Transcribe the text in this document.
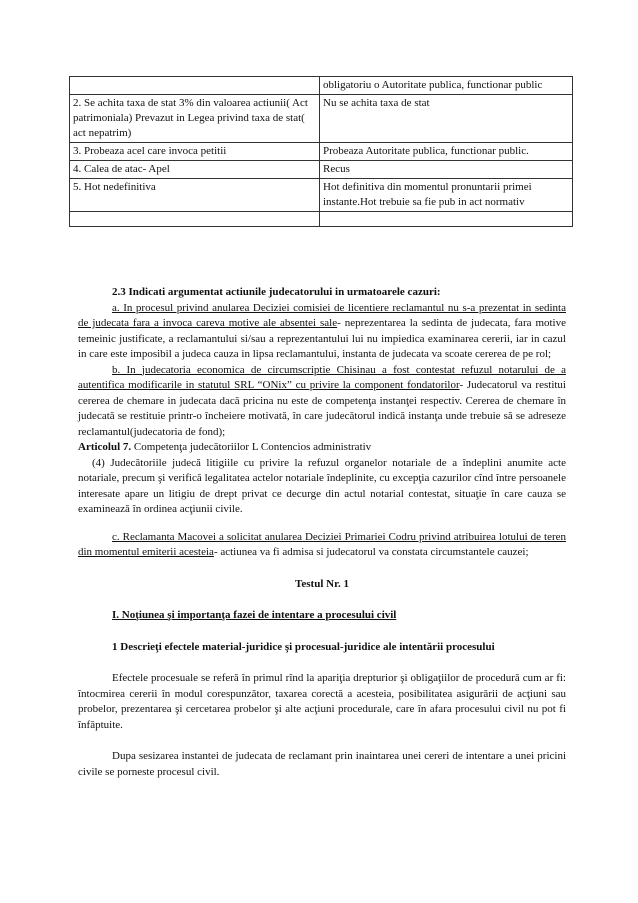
	obligatoriu o Autoritate publica, functionar public
2. Se achita taxa de stat 3% din valoarea actiunii( Act patrimoniala) Prevazut in Legea privind taxa de stat( act nepatrim)	Nu se achita taxa de stat
3. Probeaza acel care invoca petitii	Probeaza Autoritate publica, functionar public.
4. Calea de atac- Apel	Recus
5. Hot nedefinitiva	Hot definitiva din momentul pronuntarii primei instante.Hot trebuie sa fie pub in act normativ

2.3 Indicati argumentat actiunile judecatorului in urmatoarele cazuri:

a. In procesul privind anularea Deciziei comisiei de licentiere reclamantul nu s-a prezentat in sedinta de judecata fara a invoca careva motive ale absentei sale- neprezentarea la sedinta de judecata, fara motive temeinic justificate, a reclamantului si/sau a reprezentantului lui nu impiedica examinarea cererii, iar in cazul in care este imposibil a judeca cauza in lipsa reclamantului, instanta de judecata va scoate cererea de pe rol;

b. In judecatoria economica de circumscriptie Chisinau a fost contestat refuzul notarului de a autentifica modificarile in statutul SRL “ONix” cu privire la component fondatorilor- Judecatorul va restitui cererea de chemare in judecata dacă pricina nu este de competenţa instanţei respectiv. Cererea de chemare în judecată se restituie printr-o încheiere motivată, în care judecătorul indică instanţa unde trebuie să se adreseze reclamantul(judecatoria de fond);

Articolul 7. Competenţa judecătoriilor L Contencios administrativ

(4) Judecătoriile judecă litigiile cu privire la refuzul organelor notariale de a îndeplini anumite acte notariale, precum şi verifică legalitatea actelor notariale îndeplinite, cu excepţia cazurilor cînd între persoanele interesate apare un litigiu de drept privat ce decurge din actul notarial contestat, situaţie în care cauza se examinează în ordinea acţiunii civile.

c. Reclamanta Macovei a solicitat anularea Deciziei Primariei Codru privind atribuirea lotului de teren din momentul emiterii acesteia- actiunea va fi admisa si judecatorul va constata circumstantele cauzei;

Testul Nr. 1

I. Noţiunea şi importanţa fazei de intentare a procesului civil

1 Descrieţi efectele material-juridice şi procesual-juridice ale intentării procesului

Efectele procesuale se referă în primul rînd la apariţia drepturior şi obligaţiilor de procedură cum ar fi: întocmirea cererii în modul corespunzător, taxarea corectă a acesteia, posibilitatea asigurării de acţiuni sau probelor, prezentarea şi cercetarea probelor şi alte acţiuni procedurale, care în afara procesului civil nu pot fi înfăptuite.

Dupa sesizarea instantei de judecata de reclamant prin inaintarea unei cereri de intentare a unei pricini civile se porneste procesul civil.
